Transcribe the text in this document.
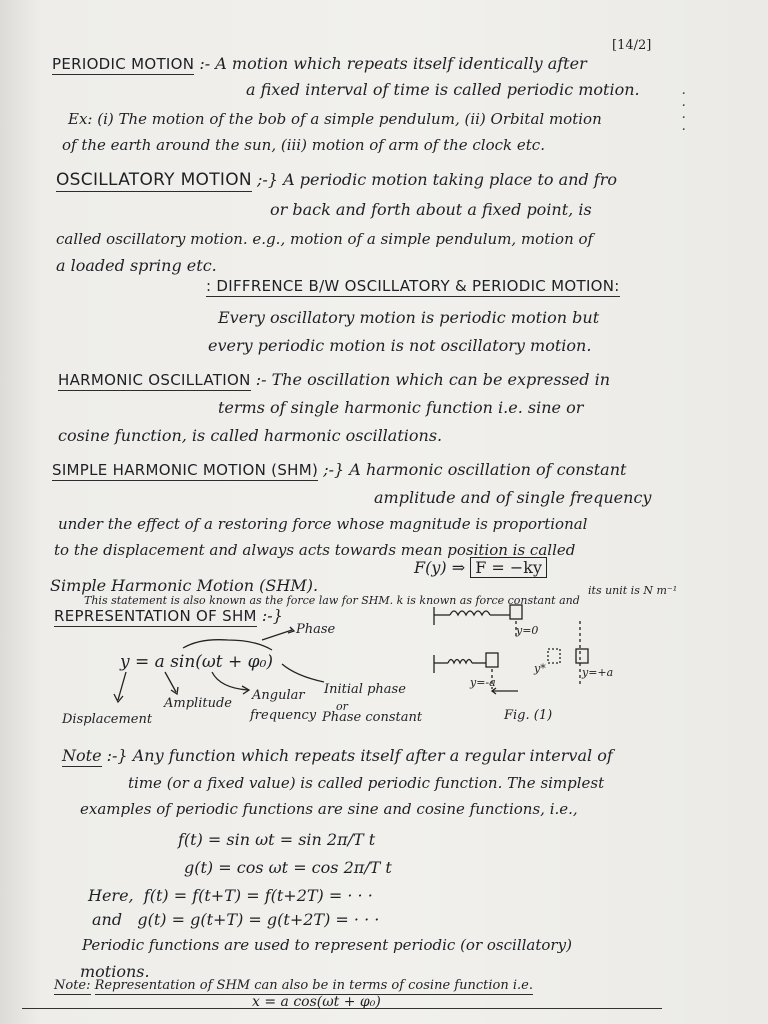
[14/2]
PERIODIC MOTION :- A motion which repeats itself identically after
a fixed interval of time is called periodic motion.	·
·
·
·
Ex: (i) The motion of the bob of a simple pendulum, (ii) Orbital motion
of the earth around the sun, (iii) motion of arm of the clock etc.
OSCILLATORY MOTION ;-} A periodic motion taking place to and fro
or back and forth about a fixed point, is
called oscillatory motion. e.g., motion of a simple pendulum, motion of
a loaded spring etc.
: DIFFRENCE B/W OSCILLATORY & PERIODIC MOTION:
Every oscillatory motion is periodic motion but
every periodic motion is not oscillatory motion.
HARMONIC OSCILLATION :- The oscillation which can be expressed in
terms of single harmonic function i.e. sine or
cosine function, is called harmonic oscillations.
SIMPLE HARMONIC MOTION (SHM) ;-} A harmonic oscillation of constant
amplitude and of single frequency
under the effect of a restoring force whose magnitude is proportional
to the displacement and always acts towards mean position is called
F(y) ⇒ F = −ky
Simple Harmonic Motion (SHM).
This statement is also known as the force law for SHM. k is known as force constant and
its unit is N m⁻¹
REPRESENTATION OF SHM :-}
Phase
y = a sin(ωt + φ₀)
Displacement
Amplitude
Angular
frequency
Initial phase
or
Phase constant
y=0
y=-a
y*	y=+a
Fig. (1)
Note :-} Any function which repeats itself after a regular interval of
time (or a fixed value) is called periodic function. The simplest
examples of periodic functions are sine and cosine functions, i.e.,
f(t) = sin ωt = sin 2π/T t
g(t) = cos ωt = cos 2π/T t
Here, f(t) = f(t+T) = f(t+2T) = · · ·
and g(t) = g(t+T) = g(t+2T) = · · ·
Periodic functions are used to represent periodic (or oscillatory)
motions.
Note: Representation of SHM can also be in terms of cosine function i.e.
x = a cos(ωt + φ₀)
